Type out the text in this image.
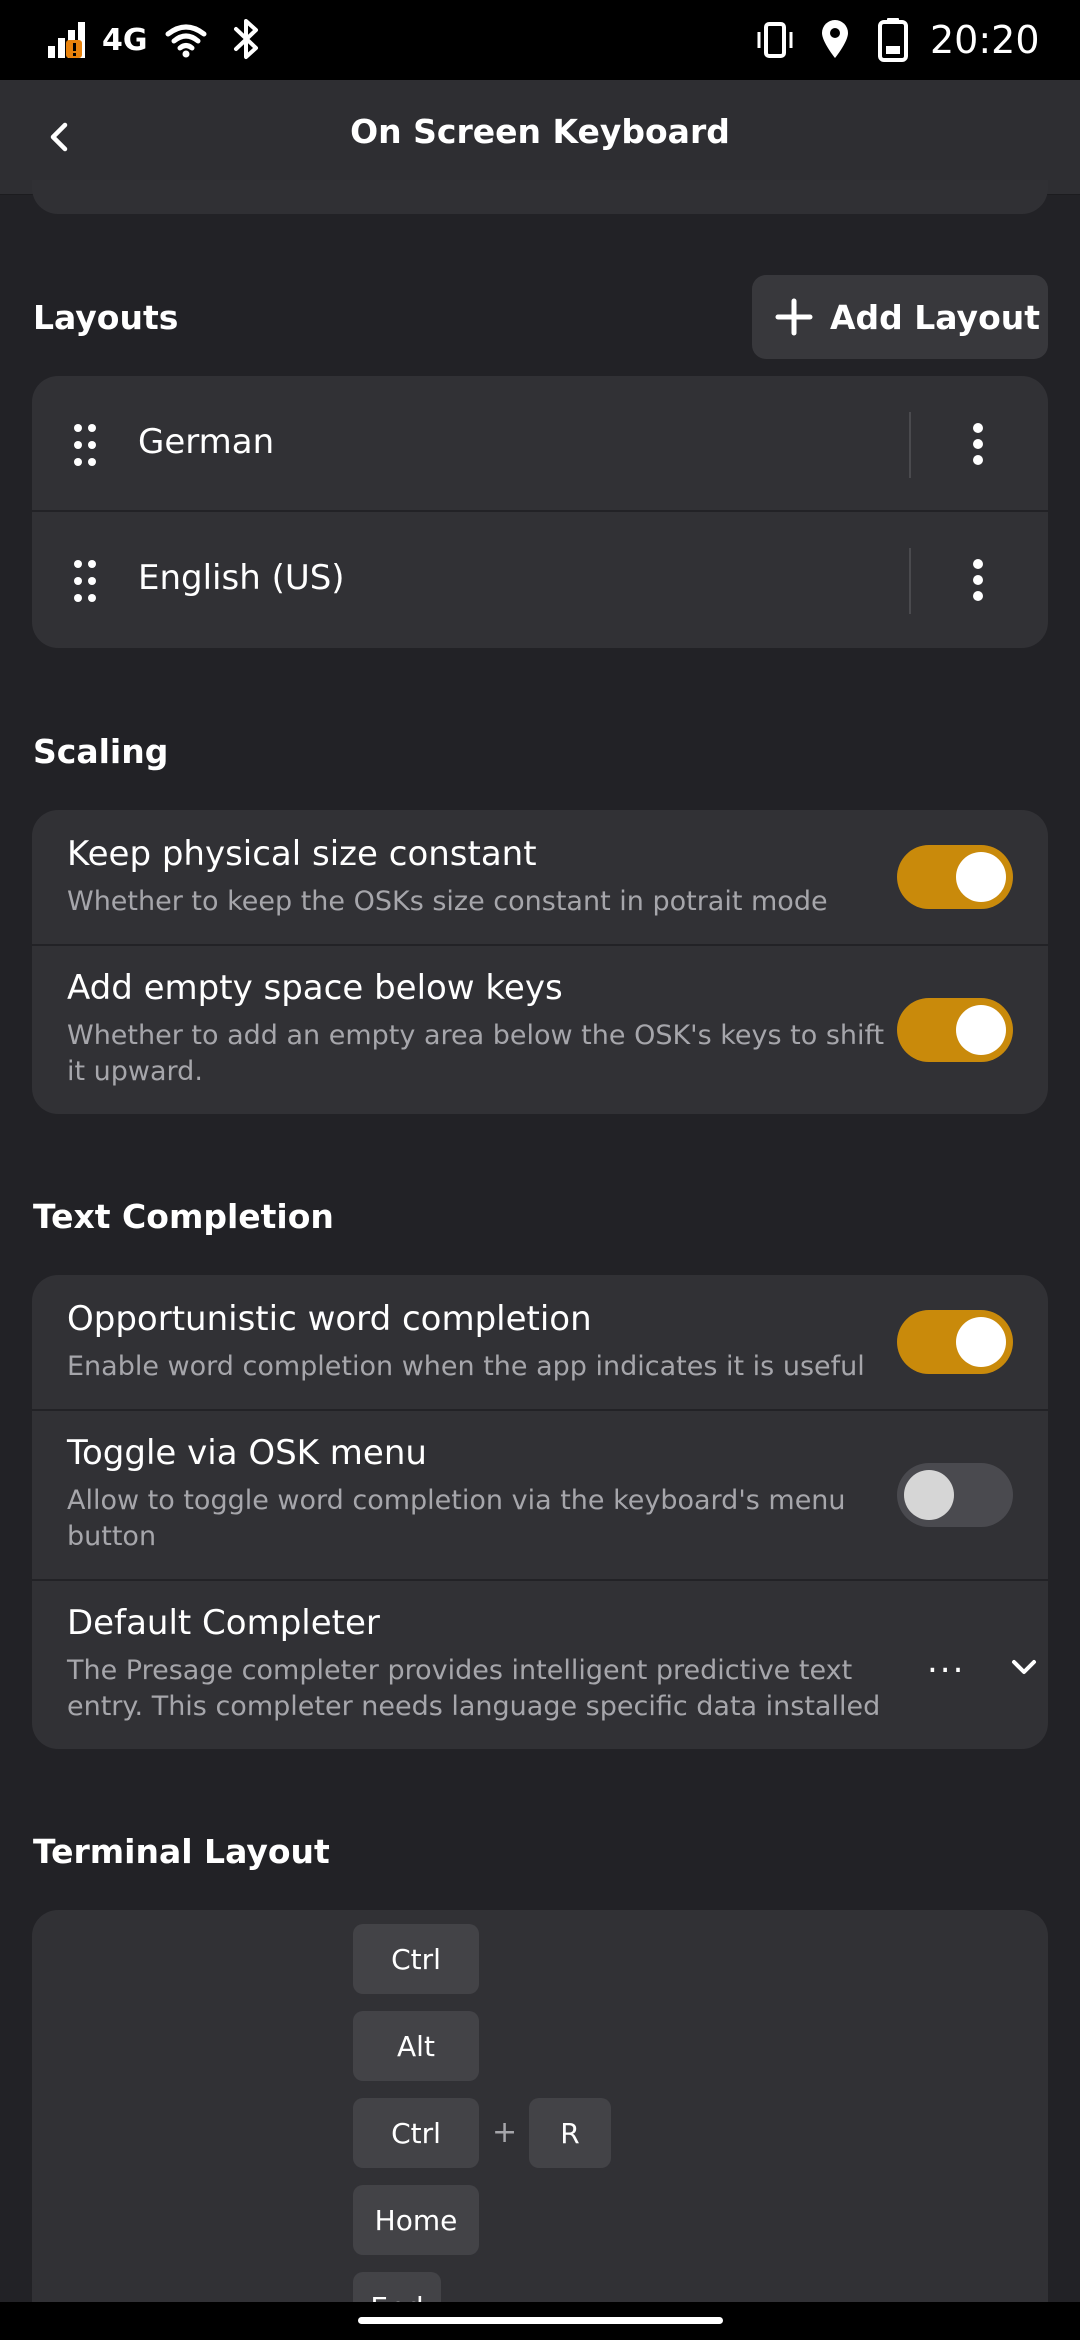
4G	20:20
On Screen Keyboard
Layouts	Add Layout
German
English (US)
Scaling
Keep physical size constant
Whether to keep the OSKs size constant in potrait mode
Add empty space below keys
Whether to add an empty area below the OSK's keys to shift it upward.
Text Completion
Opportunistic word completion
Enable word completion when the app indicates it is useful
Toggle via OSK menu
Allow to toggle word completion via the keyboard's menu button
Default Completer
The Presage completer provides intelligent predictive text entry. This completer needs language specific data installed
...
Terminal Layout
Ctrl
Alt
Ctrl	+	R
Home
